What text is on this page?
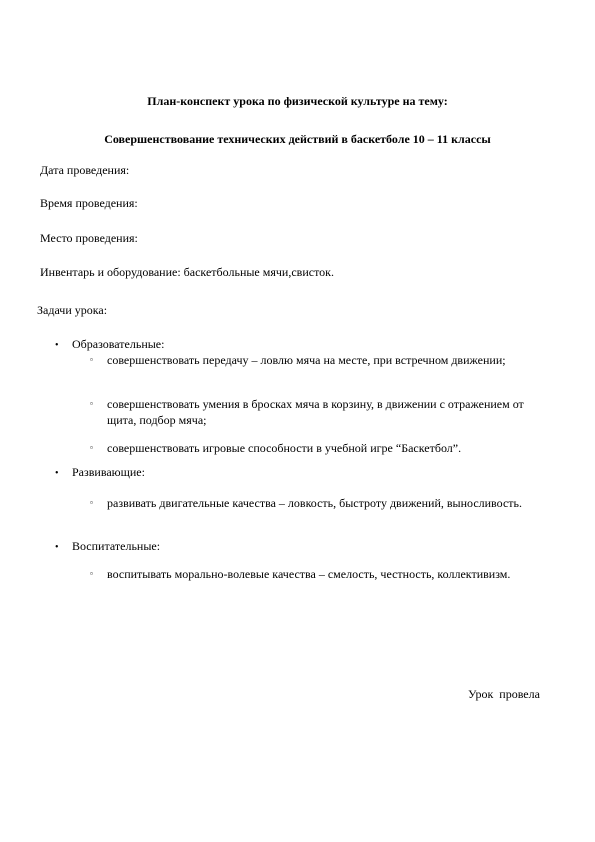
План-конспект урока по физической культуре на тему:
Совершенствование технических действий в баскетболе 10 – 11 классы
Дата проведения:
Время проведения:
Место проведения:
Инвентарь и оборудование: баскетбольные мячи,свисток.
Задачи урока:
• Образовательные:
▫ совершенствовать передачу – ловлю мяча на месте, при встречном движении;
▫ совершенствовать умения в бросках мяча в корзину, в движении с отражением от щита, подбор мяча;
▫ совершенствовать игровые способности в учебной игре “Баскетбол”.
• Развивающие:
▫ развивать двигательные качества – ловкость, быстроту движений, выносливость.
• Воспитательные:
▫ воспитывать морально-волевые качества – смелость, честность, коллективизм.
Урок  провела
